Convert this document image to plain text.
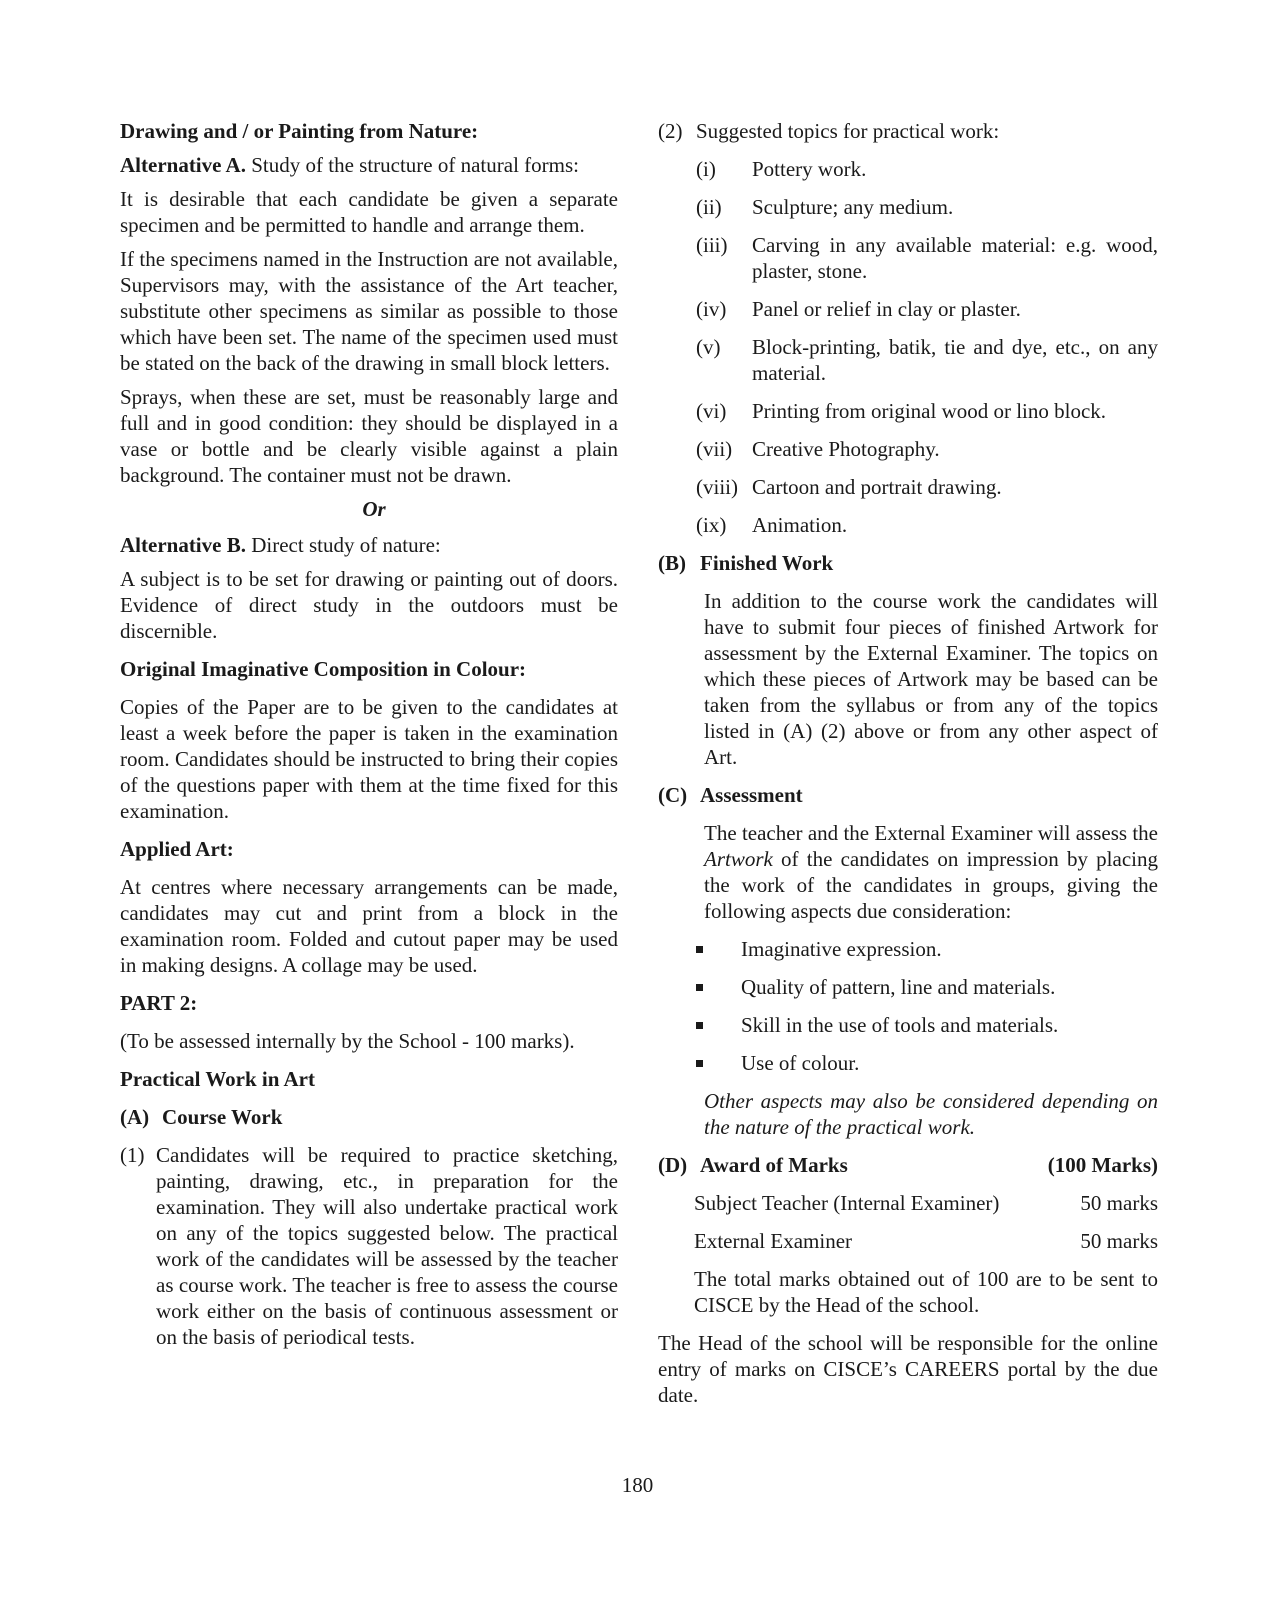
Drawing and / or Painting from Nature:

Alternative A. Study of the structure of natural forms:

It is desirable that each candidate be given a separate specimen and be permitted to handle and arrange them.

If the specimens named in the Instruction are not available, Supervisors may, with the assistance of the Art teacher, substitute other specimens as similar as possible to those which have been set. The name of the specimen used must be stated on the back of the drawing in small block letters.

Sprays, when these are set, must be reasonably large and full and in good condition: they should be displayed in a vase or bottle and be clearly visible against a plain background. The container must not be drawn.

Or

Alternative B. Direct study of nature:

A subject is to be set for drawing or painting out of doors. Evidence of direct study in the outdoors must be discernible.

Original Imaginative Composition in Colour:

Copies of the Paper are to be given to the candidates at least a week before the paper is taken in the examination room. Candidates should be instructed to bring their copies of the questions paper with them at the time fixed for this examination.

Applied Art:

At centres where necessary arrangements can be made, candidates may cut and print from a block in the examination room. Folded and cutout paper may be used in making designs. A collage may be used.

PART 2:

(To be assessed internally by the School - 100 marks).

Practical Work in Art

(A) Course Work
(1) Candidates will be required to practice sketching, painting, drawing, etc., in preparation for the examination. They will also undertake practical work on any of the topics suggested below. The practical work of the candidates will be assessed by the teacher as course work. The teacher is free to assess the course work either on the basis of continuous assessment or on the basis of periodical tests.
(2) Suggested topics for practical work:
(i)	Pottery work.
(ii)	Sculpture; any medium.
(iii)	Carving in any available material: e.g. wood, plaster, stone.
(iv)	Panel or relief in clay or plaster.
(v)	Block-printing, batik, tie and dye, etc., on any material.
(vi)	Printing from original wood or lino block.
(vii) Creative Photography.
(viii) Cartoon and portrait drawing.
(ix)	Animation.
(B) Finished Work

In addition to the course work the candidates will have to submit four pieces of finished Artwork for assessment by the External Examiner. The topics on which these pieces of Artwork may be based can be taken from the syllabus or from any of the topics listed in (A) (2) above or from any other aspect of Art.

(C) Assessment

The teacher and the External Examiner will assess the Artwork of the candidates on impression by placing the work of the candidates in groups, giving the following aspects due consideration:

Imaginative expression.
Quality of pattern, line and materials.
Skill in the use of tools and materials.
Use of colour.

Other aspects may also be considered depending on the nature of the practical work.

(D) Award of Marks	(100 Marks)
Subject Teacher (Internal Examiner)	50 marks
External Examiner	50 marks

The total marks obtained out of 100 are to be sent to CISCE by the Head of the school.

The Head of the school will be responsible for the online entry of marks on CISCE’s CAREERS portal by the due date.

180
